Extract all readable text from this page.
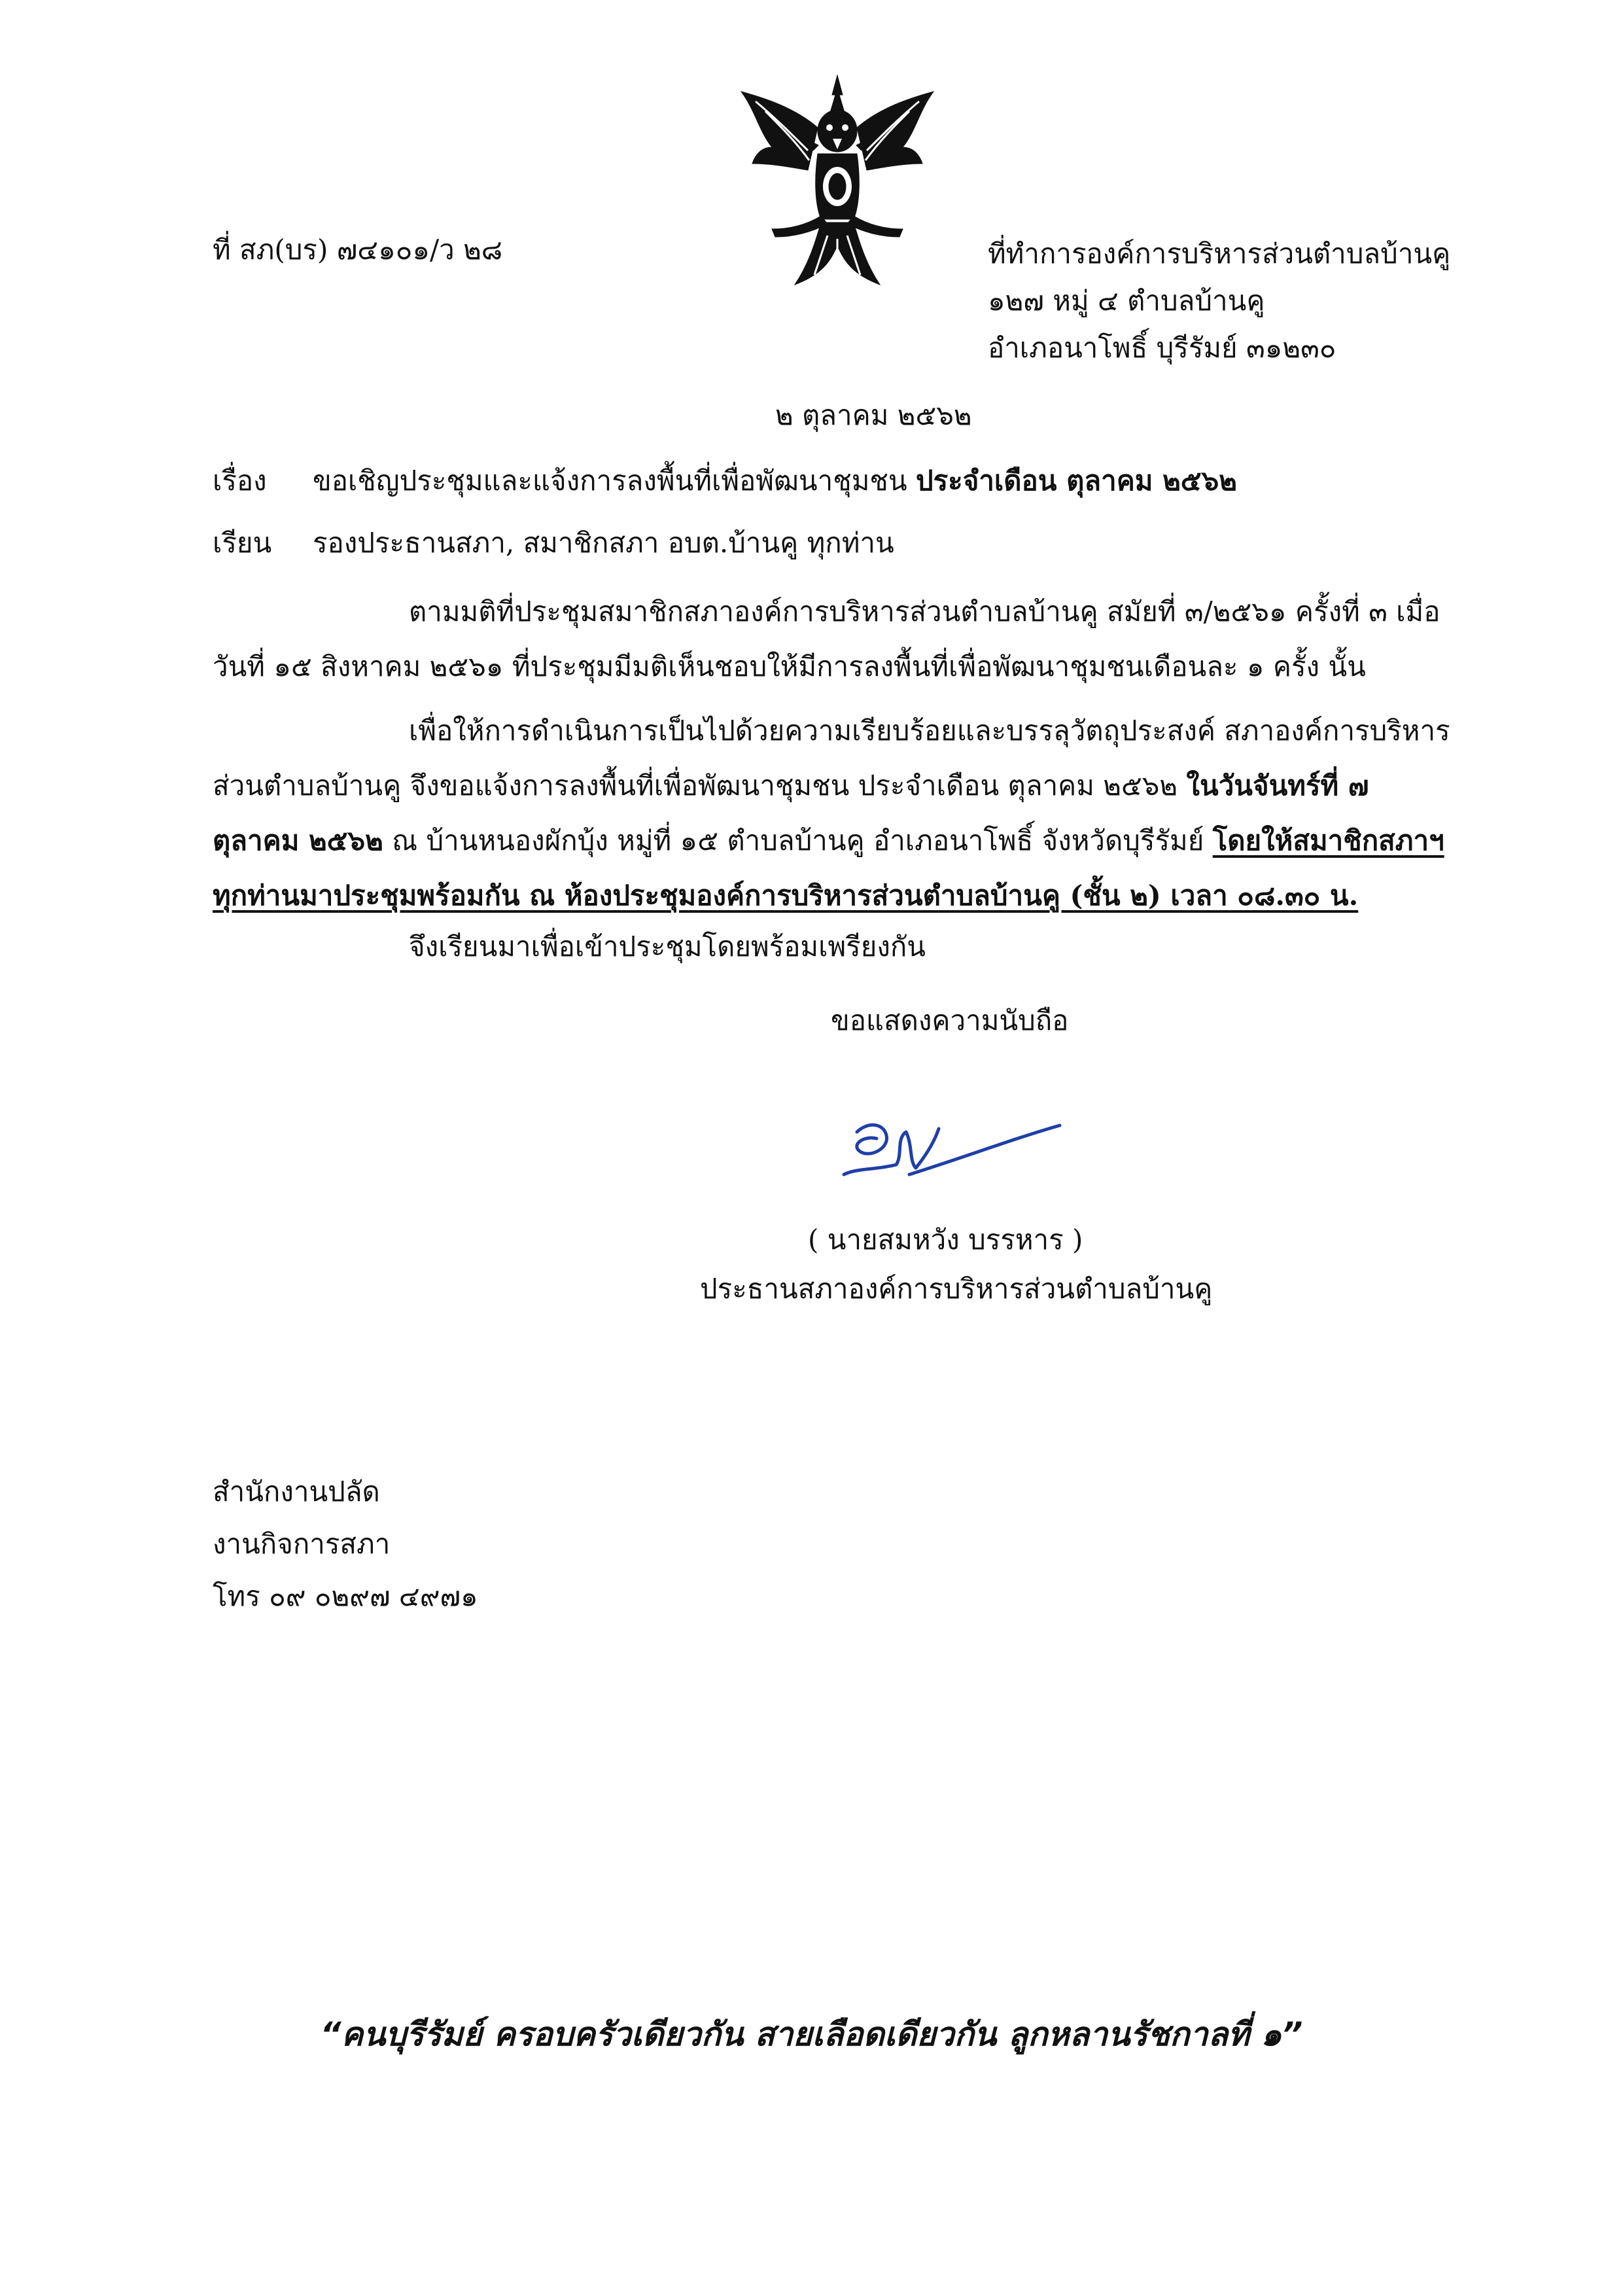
ที่ สภ(บร) ๗๔๑๐๑/ว ๒๘	ที่ทำการองค์การบริหารส่วนตำบลบ้านคู
๑๒๗ หมู่ ๔ ตำบลบ้านคู
อำเภอนาโพธิ์ บุรีรัมย์ ๓๑๒๓๐
๒ ตุลาคม ๒๕๖๒
เรื่อง ขอเชิญประชุมและแจ้งการลงพื้นที่เพื่อพัฒนาชุมชน ประจำเดือน ตุลาคม ๒๕๖๒
เรียน รองประธานสภา, สมาชิกสภา อบต.บ้านคู ทุกท่าน
ตามมติที่ประชุมสมาชิกสภาองค์การบริหารส่วนตำบลบ้านคู สมัยที่ ๓/๒๕๖๑ ครั้งที่ ๓ เมื่อ
วันที่ ๑๕ สิงหาคม ๒๕๖๑ ที่ประชุมมีมติเห็นชอบให้มีการลงพื้นที่เพื่อพัฒนาชุมชนเดือนละ ๑ ครั้ง นั้น
เพื่อให้การดำเนินการเป็นไปด้วยความเรียบร้อยและบรรลุวัตถุประสงค์ สภาองค์การบริหาร
ส่วนตำบลบ้านคู จึงขอแจ้งการลงพื้นที่เพื่อพัฒนาชุมชน ประจำเดือน ตุลาคม ๒๕๖๒ ในวันจันทร์ที่ ๗
ตุลาคม ๒๕๖๒ ณ บ้านหนองผักบุ้ง หมู่ที่ ๑๕ ตำบลบ้านคู อำเภอนาโพธิ์ จังหวัดบุรีรัมย์ โดยให้สมาชิกสภาฯ
ทุกท่านมาประชุมพร้อมกัน ณ ห้องประชุมองค์การบริหารส่วนตำบลบ้านคู (ชั้น ๒) เวลา ๐๘.๓๐ น.
จึงเรียนมาเพื่อเข้าประชุมโดยพร้อมเพรียงกัน
ขอแสดงความนับถือ
( นายสมหวัง บรรหาร )
ประธานสภาองค์การบริหารส่วนตำบลบ้านคู
สำนักงานปลัด
งานกิจการสภา
โทร ๐๙ ๐๒๙๗ ๔๙๗๑
“คนบุรีรัมย์ ครอบครัวเดียวกัน สายเลือดเดียวกัน ลูกหลานรัชกาลที่ ๑”
